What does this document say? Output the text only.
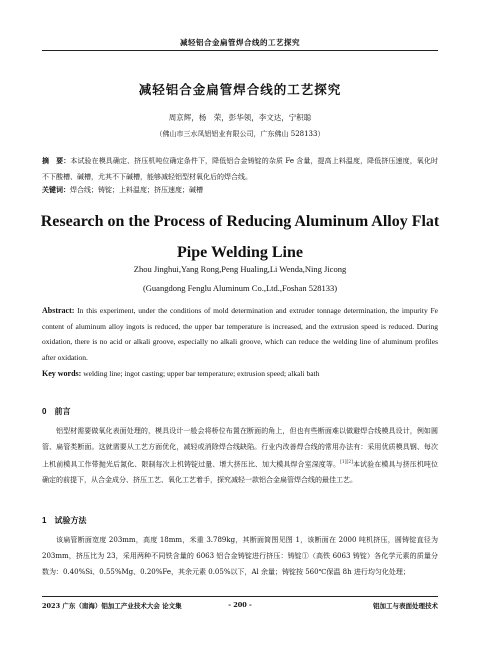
减轻铝合金扁管焊合线的工艺探究
减轻铝合金扁管焊合线的工艺探究
周京辉，杨　荣，彭华领，李文达，宁积聪
（佛山市三水凤铝铝业有限公司，广东佛山 528133）
摘　要：本试验在模具确定、挤压机吨位确定条件下，降低铝合金铸锭的杂质 Fe 含量，提高上料温度，降低挤压速度，氧化时不下酸槽、碱槽，尤其不下碱槽，能够减轻铝型材氧化后的焊合线。
关键词：焊合线；铸锭；上料温度；挤压速度；碱槽
Research on the Process of Reducing Aluminum Alloy Flat Pipe Welding Line
Zhou Jinghui,Yang Rong,Peng Hualing,Li Wenda,Ning Jicong
(Guangdong Fenglu Aluminum Co.,Ltd.,Foshan 528133)
Abstract: In this experiment, under the conditions of mold determination and extruder tonnage determination, the impurity Fe content of aluminum alloy ingots is reduced, the upper bar temperature is increased, and the extrusion speed is reduced. During oxidation, there is no acid or alkali groove, especially no alkali groove, which can reduce the welding line of aluminum profiles after oxidation.
Key words: welding line; ingot casting; upper bar temperature; extrusion speed; alkali bath
0 前言
铝型材需要做氧化表面处理的，模具设计一般会将桥位布置在断面的角上，但也有些断面难以做避焊合线模具设计，例如圆管、扁管类断面。这就需要从工艺方面优化，减轻或消除焊合线缺陷。行业内改善焊合线的常用办法有：采用优质模具钢、每次上机前模具工作带抛光后氮化、限制每次上机铸锭过量、增大挤压比、加大模具焊合室深度等。[1][2]本试验在模具与挤压机吨位确定的前提下，从合金成分、挤压工艺、氧化工艺着手，探究减轻一款铝合金扁管焊合线的最佳工艺。
1 试验方法
该扁管断面宽度 203mm，高度 18mm，米重 3.789kg，其断面简图见图 1，该断面在 2000 吨机挤压，圆铸锭直径为 203mm，挤压比为 23，采用两种不同铁含量的 6063 铝合金铸锭进行挤压：铸锭①（高铁 6063 铸锭）各化学元素的质量分数为：0.40%Si、0.55%Mg、0.20%Fe，其余元素 0.05%以下，Al 余量；铸锭按 560℃保温 8h 进行均匀化处理；
2023 广东（南海）铝加工产业技术大会 论文集	- 200 -	铝加工与表面处理技术
